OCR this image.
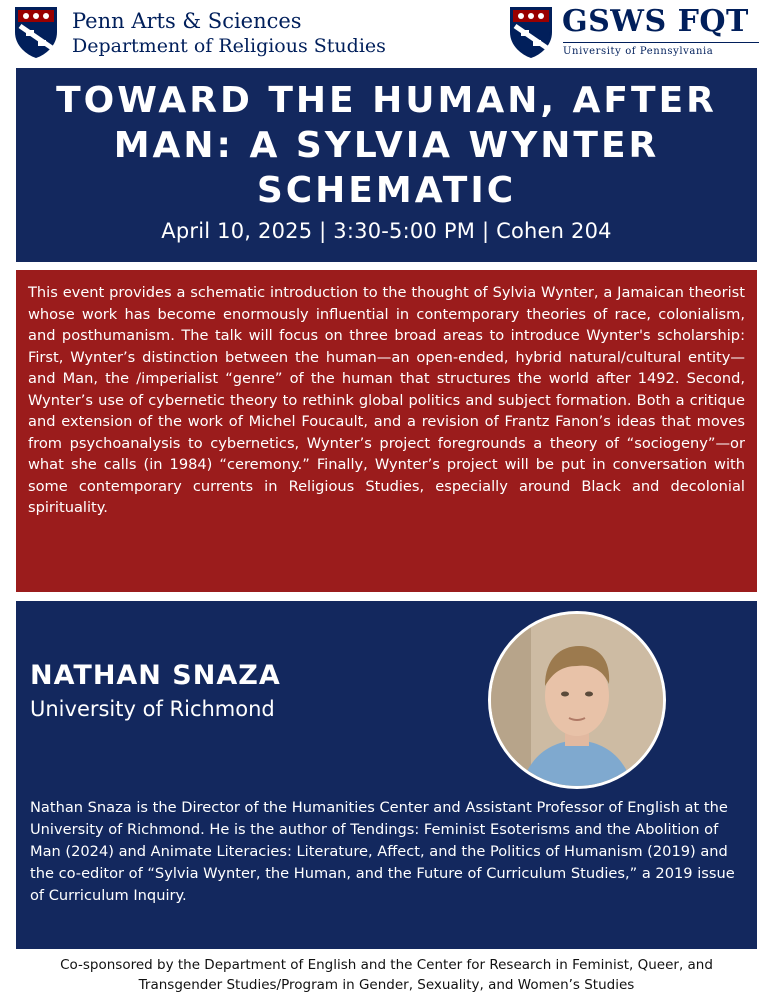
Penn Arts & Sciences
Department of Religious Studies
GSWS FQT
University of Pennsylvania
TOWARD THE HUMAN, AFTER MAN: A SYLVIA WYNTER SCHEMATIC
April 10, 2025 | 3:30-5:00 PM | Cohen 204

This event provides a schematic introduction to the thought of Sylvia Wynter, a Jamaican theorist whose work has become enormously influential in contemporary theories of race, colonialism, and posthumanism. The talk will focus on three broad areas to introduce Wynter's scholarship: First, Wynter’s distinction between the human—an open-ended, hybrid natural/cultural entity—and Man, the /imperialist “genre” of the human that structures the world after 1492. Second, Wynter’s use of cybernetic theory to rethink global politics and subject formation. Both a critique and extension of the work of Michel Foucault, and a revision of Frantz Fanon’s ideas that moves from psychoanalysis to cybernetics, Wynter’s project foregrounds a theory of “sociogeny”—or what she calls (in 1984) “ceremony.” Finally, Wynter’s project will be put in conversation with some contemporary currents in Religious Studies, especially around Black and decolonial spirituality.

NATHAN SNAZA
University of Richmond

Nathan Snaza is the Director of the Humanities Center and Assistant Professor of English at the University of Richmond. He is the author of Tendings: Feminist Esoterisms and the Abolition of Man (2024) and Animate Literacies: Literature, Affect, and the Politics of Humanism (2019) and the co-editor of “Sylvia Wynter, the Human, and the Future of Curriculum Studies,” a 2019 issue of Curriculum Inquiry.

Co-sponsored by the Department of English and the Center for Research in Feminist, Queer, and
Transgender Studies/Program in Gender, Sexuality, and Women’s Studies
